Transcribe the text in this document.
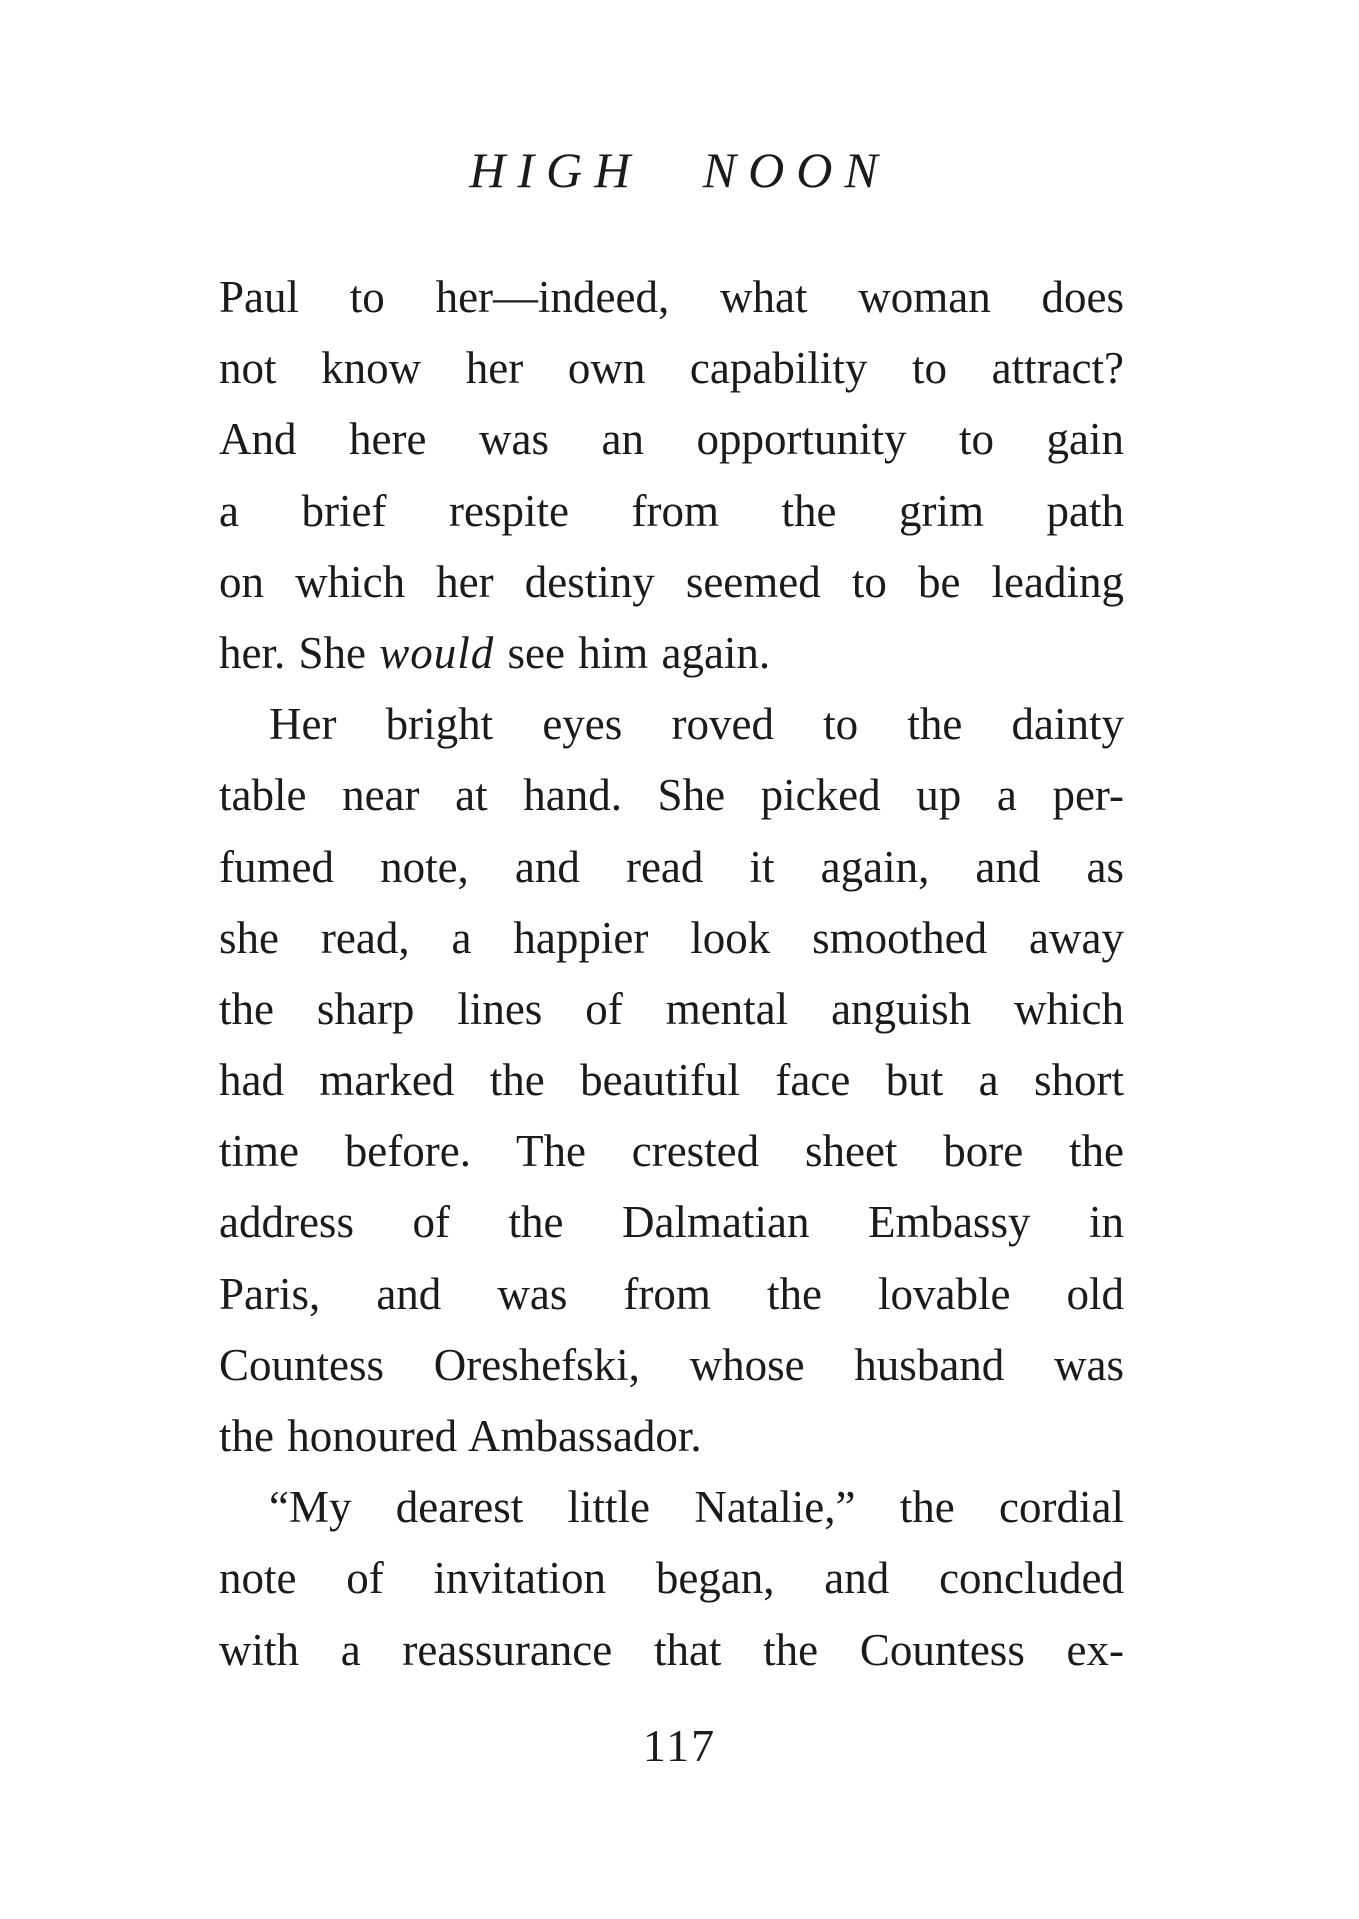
HIGH NOON
Paul to her—indeed, what woman does
not know her own capability to attract?
And here was an opportunity to gain
a brief respite from the grim path
on which her destiny seemed to be leading
her. She would see him again.
Her bright eyes roved to the dainty
table near at hand. She picked up a per-
fumed note, and read it again, and as
she read, a happier look smoothed away
the sharp lines of mental anguish which
had marked the beautiful face but a short
time before. The crested sheet bore the
address of the Dalmatian Embassy in
Paris, and was from the lovable old
Countess Oreshefski, whose husband was
the honoured Ambassador.
“My dearest little Natalie,” the cordial
note of invitation began, and concluded
with a reassurance that the Countess ex-
117
